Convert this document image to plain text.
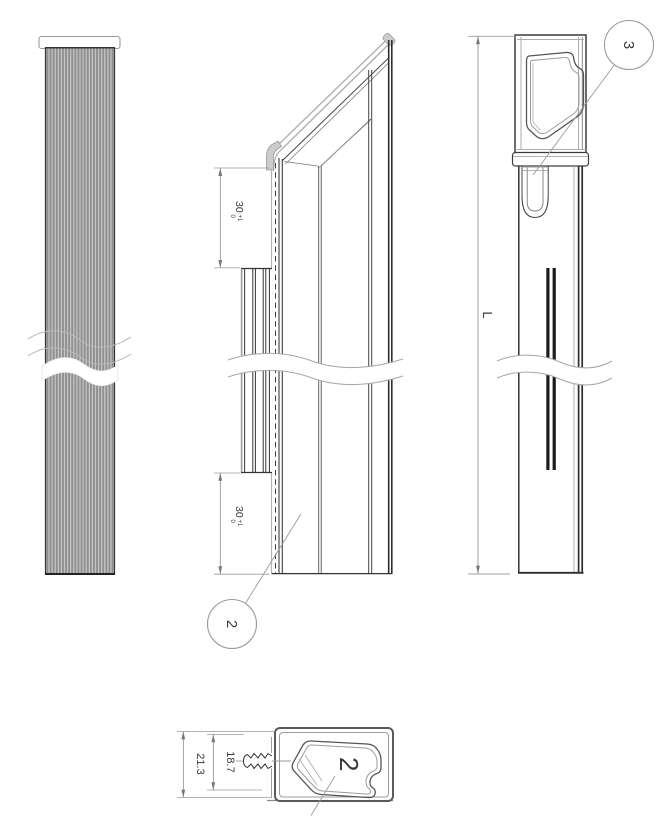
30
+1
0
30
+1
0
2
L
3
2
21.3 18.7
